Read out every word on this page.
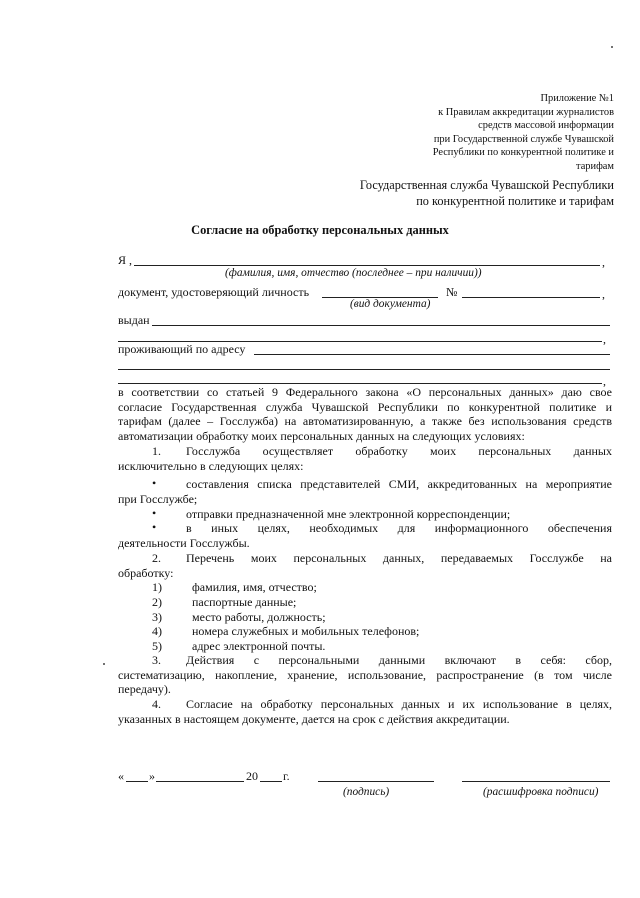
Приложение №1
к Правилам аккредитации журналистов
средств массовой информации
при Государственной службе Чувашской
Республики по конкурентной политике и
тарифам
Государственная служба Чувашской Республики
по конкурентной политике и тарифам
Согласие на обработку персональных данных
Я ,	,
(фамилия, имя, отчество (последнее – при наличии))
документ, удостоверяющий личность	№	,
(вид документа)
выдан
,
проживающий по адресу
,
в соответствии со статьей 9 Федерального закона «О персональных данных» даю свое
согласие Государственная служба Чувашской Республики по конкурентной политике и
тарифам (далее – Госслужба) на автоматизированную, а также без использования средств
автоматизации обработку моих персональных данных на следующих условиях:
1. Госслужба осуществляет обработку моих персональных данных
исключительно в следующих целях:
• составления списка представителей СМИ, аккредитованных на мероприятие
при Госслужбе;
• отправки предназначенной мне электронной корреспонденции;
• в иных целях, необходимых для информационного обеспечения
деятельности Госслужбы.
2. Перечень моих персональных данных, передаваемых Госслужбе на
обработку:
1)	фамилия, имя, отчество;
2)	паспортные данные;
3)	место работы, должность;
4)	номера служебных и мобильных телефонов;
5)	адрес электронной почты.
3. Действия с персональными данными включают в себя: сбор,
систематизацию, накопление, хранение, использование, распространение (в том числе
передачу).
4. Согласие на обработку персональных данных и их использование в целях,
указанных в настоящем документе, дается на срок с действия аккредитации.
« »	20 г.
(подпись)	(расшифровка подписи)
